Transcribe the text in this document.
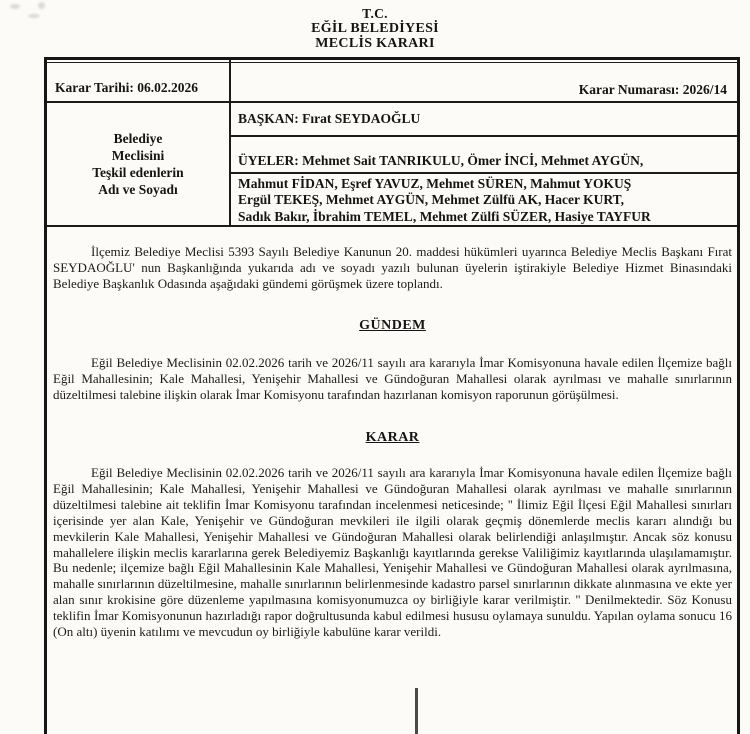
T.C.
EĞİL BELEDİYESİ
MECLİS KARARI
Karar Tarihi: 06.02.2026	Karar Numarası: 2026/14
Belediye
Meclisini
Teşkil edenlerin
Adı ve Soyadı
BAŞKAN: Fırat SEYDAOĞLU
ÜYELER: Mehmet Sait TANRIKULU, Ömer İNCİ, Mehmet AYGÜN,
Mahmut FİDAN, Eşref YAVUZ, Mehmet SÜREN, Mahmut YOKUŞ
Ergül TEKEŞ, Mehmet AYGÜN, Mehmet Zülfü AK, Hacer KURT,
Sadık Bakır, İbrahim TEMEL, Mehmet Zülfi SÜZER, Hasiye TAYFUR

İlçemiz Belediye Meclisi 5393 Sayılı Belediye Kanunun 20. maddesi hükümleri uyarınca Belediye Meclis Başkanı Fırat SEYDAOĞLU' nun Başkanlığında yukarıda adı ve soyadı yazılı bulunan üyelerin iştirakiyle Belediye Hizmet Binasındaki Belediye Başkanlık Odasında aşağıdaki gündemi görüşmek üzere toplandı.

GÜNDEM

Eğil Belediye Meclisinin 02.02.2026 tarih ve 2026/11 sayılı ara kararıyla İmar Komisyonuna havale edilen İlçemize bağlı Eğil Mahallesinin; Kale Mahallesi, Yenişehir Mahallesi ve Gündoğuran Mahallesi olarak ayrılması ve mahalle sınırlarının düzeltilmesi talebine ilişkin olarak İmar Komisyonu tarafından hazırlanan komisyon raporunun görüşülmesi.

KARAR

Eğil Belediye Meclisinin 02.02.2026 tarih ve 2026/11 sayılı ara kararıyla İmar Komisyonuna havale edilen İlçemize bağlı Eğil Mahallesinin; Kale Mahallesi, Yenişehir Mahallesi ve Gündoğuran Mahallesi olarak ayrılması ve mahalle sınırlarının düzeltilmesi talebine ait teklifin İmar Komisyonu tarafından incelenmesi neticesinde; '' İlimiz Eğil İlçesi Eğil Mahallesi sınırları içerisinde yer alan Kale, Yenişehir ve Gündoğuran mevkileri ile ilgili olarak geçmiş dönemlerde meclis kararı alındığı bu mevkilerin Kale Mahallesi, Yenişehir Mahallesi ve Gündoğuran Mahallesi olarak belirlendiği anlaşılmıştır. Ancak söz konusu mahallelere ilişkin meclis kararlarına gerek Belediyemiz Başkanlığı kayıtlarında gerekse Valiliğimiz kayıtlarında ulaşılamamıştır. Bu nedenle; ilçemize bağlı Eğil Mahallesinin Kale Mahallesi, Yenişehir Mahallesi ve Gündoğuran Mahallesi olarak ayrılmasına, mahalle sınırlarının düzeltilmesine, mahalle sınırlarının belirlenmesinde kadastro parsel sınırlarının dikkate alınmasına ve ekte yer alan sınır krokisine göre düzenleme yapılmasına komisyonumuzca oy birliğiyle karar verilmiştir. '' Denilmektedir. Söz Konusu teklifin İmar Komisyonunun hazırladığı rapor doğrultusunda kabul edilmesi hususu oylamaya sunuldu. Yapılan oylama sonucu 16 (On altı) üyenin katılımı ve mevcudun oy birliğiyle kabulüne karar verildi.
